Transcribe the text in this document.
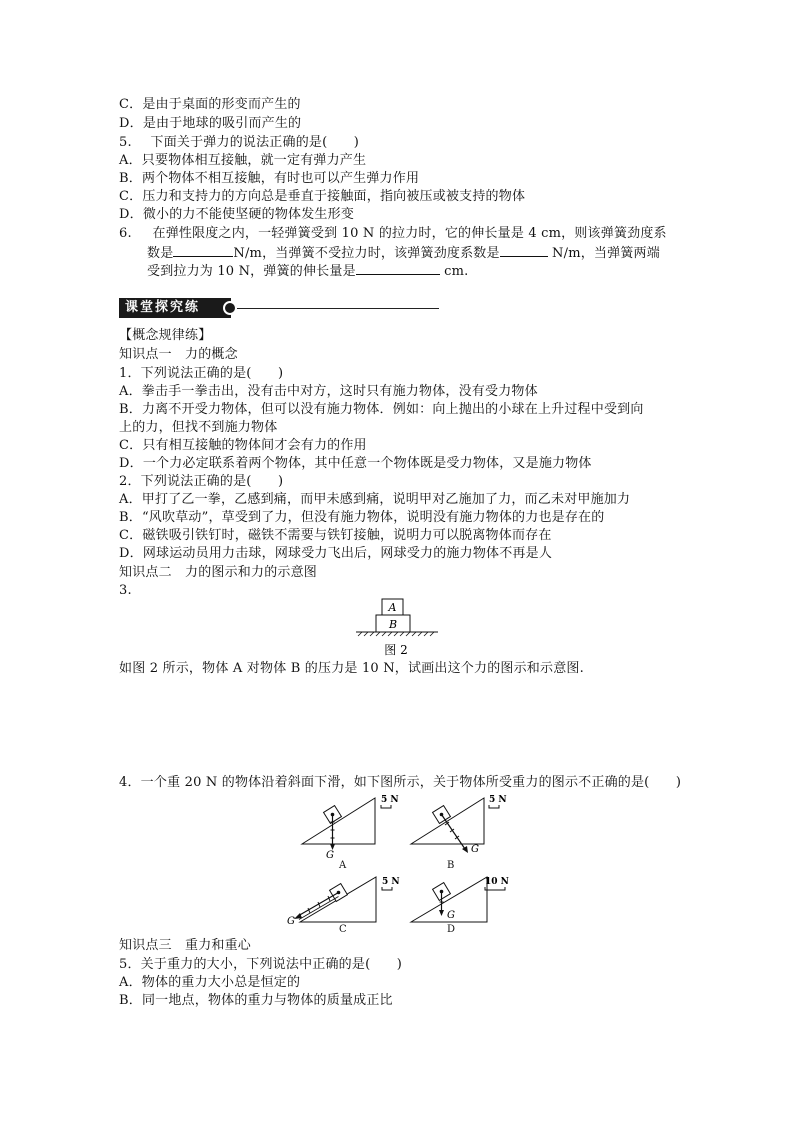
C．是由于桌面的形变而产生的
D．是由于地球的吸引而产生的
5. 下面关于弹力的说法正确的是(　　)
A．只要物体相互接触，就一定有弹力产生
B．两个物体不相互接触，有时也可以产生弹力作用
C．压力和支持力的方向总是垂直于接触面，指向被压或被支持的物体
D．微小的力不能使坚硬的物体发生形变
6. 在弹性限度之内，一轻弹簧受到 10 N 的拉力时，它的伸长量是 4 cm，则该弹簧劲度系
数是	N/m，当弹簧不受拉力时，该弹簧劲度系数是	N/m，当弹簧两端
受到拉力为 10 N，弹簧的伸长量是	cm.
课堂探究练
【概念规律练】
知识点一　力的概念
1．下列说法正确的是(　　)
A．拳击手一拳击出，没有击中对方，这时只有施力物体，没有受力物体
B．力离不开受力物体，但可以没有施力物体．例如：向上抛出的小球在上升过程中受到向
上的力，但找不到施力物体
C．只有相互接触的物体间才会有力的作用
D．一个力必定联系着两个物体，其中任意一个物体既是受力物体，又是施力物体
2．下列说法正确的是(　　)
A．甲打了乙一拳，乙感到痛，而甲未感到痛，说明甲对乙施加了力，而乙未对甲施加力
B．“风吹草动”，草受到了力，但没有施力物体，说明没有施力物体的力也是存在的
C．磁铁吸引铁钉时，磁铁不需要与铁钉接触，说明力可以脱离物体而存在
D．网球运动员用力击球，网球受力飞出后，网球受力的施力物体不再是人
知识点二　力的图示和力的示意图
3.
A
B
图 2
如图 2 所示，物体 A 对物体 B 的压力是 10 N，试画出这个力的图示和示意图.
4．一个重 20 N 的物体沿着斜面下滑，如下图所示，关于物体所受重力的图示不正确的是(　　)
G
5 N
A
G
5 N
B
G
5 N
C
G
10 N
D
知识点三　重力和重心
5．关于重力的大小，下列说法中正确的是(　　)
A．物体的重力大小总是恒定的
B．同一地点，物体的重力与物体的质量成正比
